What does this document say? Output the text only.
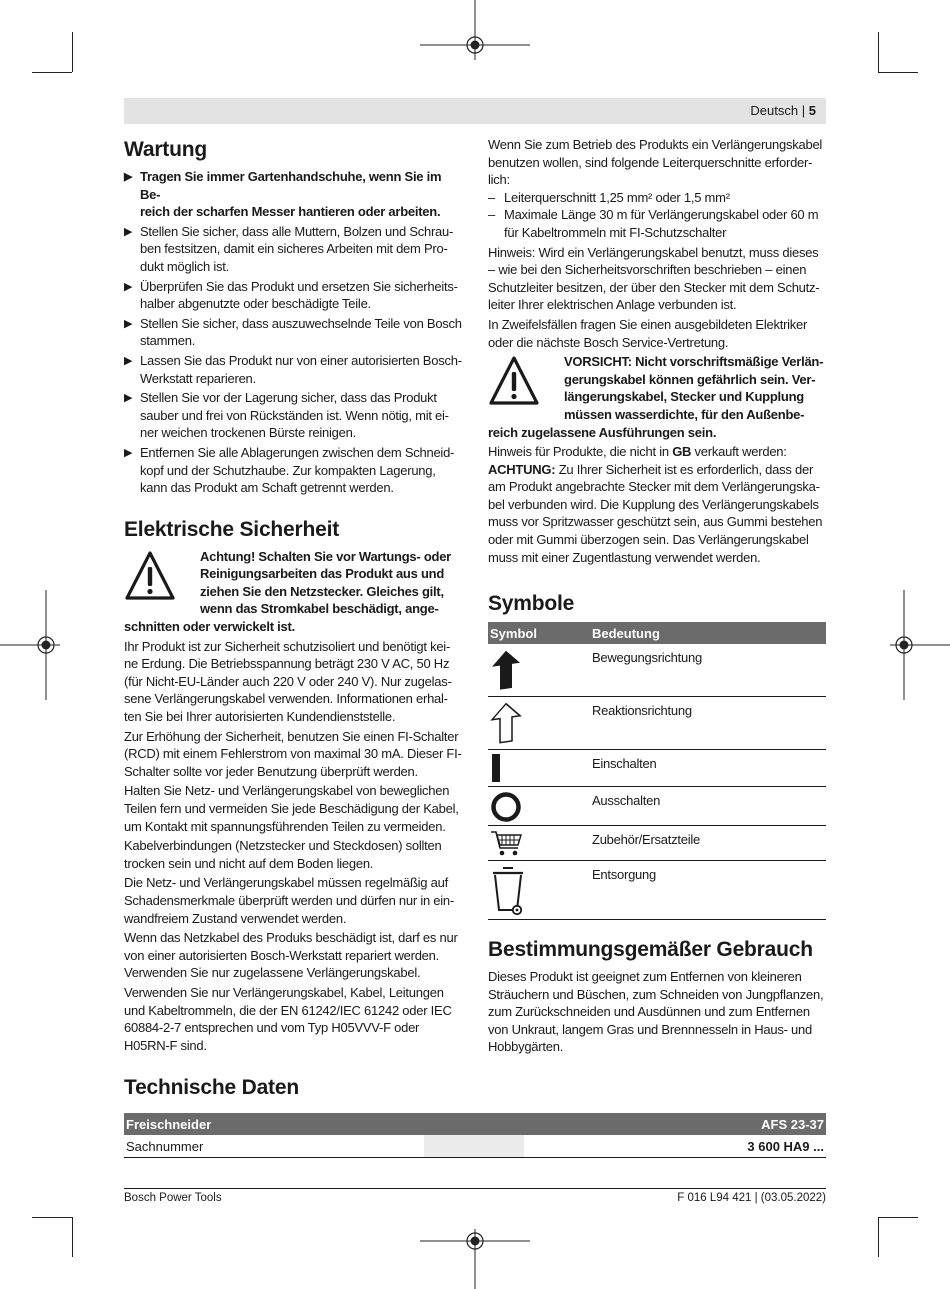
Deutsch | 5
Wartung
▶ Tragen Sie immer Gartenhandschuhe, wenn Sie im Be-
reich der scharfen Messer hantieren oder arbeiten.
▶ Stellen Sie sicher, dass alle Muttern, Bolzen und Schrau-
ben festsitzen, damit ein sicheres Arbeiten mit dem Pro-
dukt möglich ist.
▶ Überprüfen Sie das Produkt und ersetzen Sie sicherheits-
halber abgenutzte oder beschädigte Teile.
▶ Stellen Sie sicher, dass auszuwechselnde Teile von Bosch
stammen.
▶ Lassen Sie das Produkt nur von einer autorisierten Bosch-
Werkstatt reparieren.
▶ Stellen Sie vor der Lagerung sicher, dass das Produkt
sauber und frei von Rückständen ist. Wenn nötig, mit ei-
ner weichen trockenen Bürste reinigen.
▶ Entfernen Sie alle Ablagerungen zwischen dem Schneid-
kopf und der Schutzhaube. Zur kompakten Lagerung,
kann das Produkt am Schaft getrennt werden.
Elektrische Sicherheit
Achtung! Schalten Sie vor Wartungs- oder
Reinigungsarbeiten das Produkt aus und
ziehen Sie den Netzstecker. Gleiches gilt,
wenn das Stromkabel beschädigt, ange-
schnitten oder verwickelt ist.
Ihr Produkt ist zur Sicherheit schutzisoliert und benötigt kei-
ne Erdung. Die Betriebsspannung beträgt 230 V AC, 50 Hz
(für Nicht-EU-Länder auch 220 V oder 240 V). Nur zugelas-
sene Verlängerungskabel verwenden. Informationen erhal-
ten Sie bei Ihrer autorisierten Kundendienststelle.
Zur Erhöhung der Sicherheit, benutzen Sie einen FI-Schalter
(RCD) mit einem Fehlerstrom von maximal 30 mA. Dieser FI-
Schalter sollte vor jeder Benutzung überprüft werden.
Halten Sie Netz- und Verlängerungskabel von beweglichen
Teilen fern und vermeiden Sie jede Beschädigung der Kabel,
um Kontakt mit spannungsführenden Teilen zu vermeiden.
Kabelverbindungen (Netzstecker und Steckdosen) sollten
trocken sein und nicht auf dem Boden liegen.
Die Netz- und Verlängerungskabel müssen regelmäßig auf
Schadensmerkmale überprüft werden und dürfen nur in ein-
wandfreiem Zustand verwendet werden.
Wenn das Netzkabel des Produks beschädigt ist, darf es nur
von einer autorisierten Bosch-Werkstatt repariert werden.
Verwenden Sie nur zugelassene Verlängerungskabel.
Verwenden Sie nur Verlängerungskabel, Kabel, Leitungen
und Kabeltrommeln, die der EN 61242/IEC 61242 oder IEC
60884-2-7 entsprechen und vom Typ H05VVV-F oder
H05RN-F sind.
Wenn Sie zum Betrieb des Produkts ein Verlängerungskabel
benutzen wollen, sind folgende Leiterquerschnitte erforder-
lich:
– Leiterquerschnitt 1,25 mm² oder 1,5 mm²
– Maximale Länge 30 m für Verlängerungskabel oder 60 m
für Kabeltrommeln mit FI-Schutzschalter
Hinweis: Wird ein Verlängerungskabel benutzt, muss dieses
– wie bei den Sicherheitsvorschriften beschrieben – einen
Schutzleiter besitzen, der über den Stecker mit dem Schutz-
leiter Ihrer elektrischen Anlage verbunden ist.
In Zweifelsfällen fragen Sie einen ausgebildeten Elektriker
oder die nächste Bosch Service-Vertretung.
VORSICHT: Nicht vorschriftsmäßige Verlän-
gerungskabel können gefährlich sein. Ver-
längerungskabel, Stecker und Kupplung
müssen wasserdichte, für den Außenbe-
reich zugelassene Ausführungen sein.
Hinweis für Produkte, die nicht in GB verkauft werden:
ACHTUNG: Zu Ihrer Sicherheit ist es erforderlich, dass der
am Produkt angebrachte Stecker mit dem Verlängerungska-
bel verbunden wird. Die Kupplung des Verlängerungskabels
muss vor Spritzwasser geschützt sein, aus Gummi bestehen
oder mit Gummi überzogen sein. Das Verlängerungskabel
muss mit einer Zugentlastung verwendet werden.
Symbole
Symbol	Bedeutung
Bewegungsrichtung
Reaktionsrichtung
Einschalten
Ausschalten
Zubehör/Ersatzteile
Entsorgung
Bestimmungsgemäßer Gebrauch
Dieses Produkt ist geeignet zum Entfernen von kleineren
Sträuchern und Büschen, zum Schneiden von Jungpflanzen,
zum Zurückschneiden und Ausdünnen und zum Entfernen
von Unkraut, langem Gras und Brennnesseln in Haus- und
Hobbygärten.
Technische Daten
Freischneider	AFS 23-37
Sachnummer	3 600 HA9 ...
Bosch Power Tools	F 016 L94 421 | (03.05.2022)
